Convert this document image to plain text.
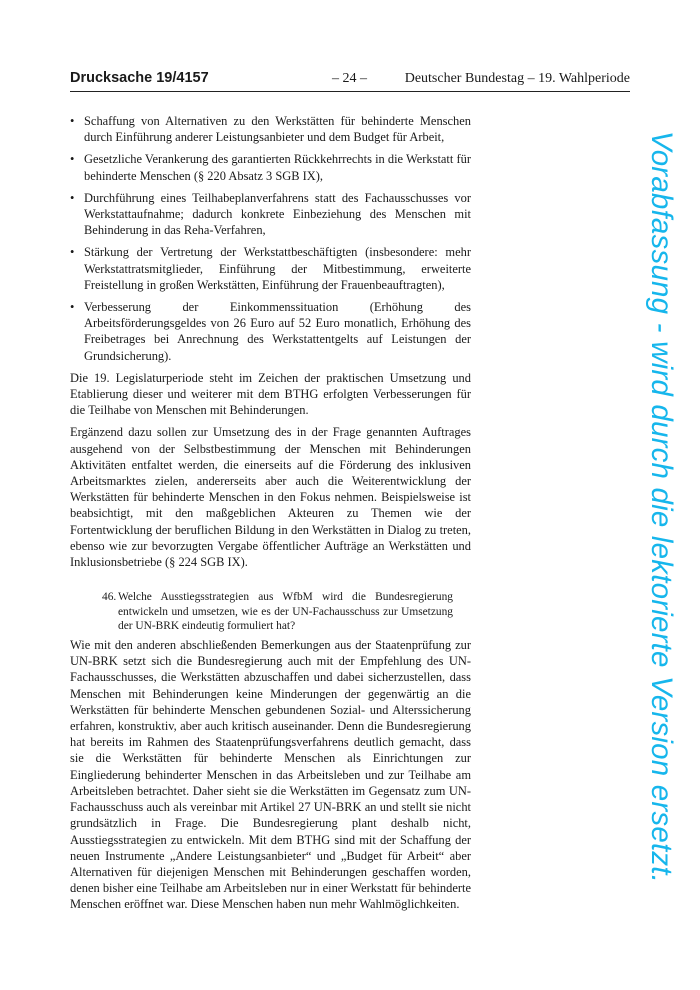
Drucksache 19/4157	– 24 –	Deutscher Bundestag – 19. Wahlperiode
• Schaffung von Alternativen zu den Werkstätten für behinderte Menschen durch Einführung anderer Leistungsanbieter und dem Budget für Arbeit,
• Gesetzliche Verankerung des garantierten Rückkehrrechts in die Werkstatt für behinderte Menschen (§ 220 Absatz 3 SGB IX),
• Durchführung eines Teilhabeplanverfahrens statt des Fachausschusses vor Werkstattaufnahme; dadurch konkrete Einbeziehung des Menschen mit Behinderung in das Reha-Verfahren,
• Stärkung der Vertretung der Werkstattbeschäftigten (insbesondere: mehr Werkstattratsmitglieder, Einführung der Mitbestimmung, erweiterte Freistellung in großen Werkstätten, Einführung der Frauenbeauftragten),
• Verbesserung der Einkommenssituation (Erhöhung des Arbeitsförderungsgeldes von 26 Euro auf 52 Euro monatlich, Erhöhung des Freibetrages bei Anrechnung des Werkstattentgelts auf Leistungen der Grundsicherung).

Die 19. Legislaturperiode steht im Zeichen der praktischen Umsetzung und Etablierung dieser und weiterer mit dem BTHG erfolgten Verbesserungen für die Teilhabe von Menschen mit Behinderungen.

Ergänzend dazu sollen zur Umsetzung des in der Frage genannten Auftrages ausgehend von der Selbstbestimmung der Menschen mit Behinderungen Aktivitäten entfaltet werden, die einerseits auf die Förderung des inklusiven Arbeitsmarktes zielen, andererseits aber auch die Weiterentwicklung der Werkstätten für behinderte Menschen in den Fokus nehmen. Beispielsweise ist beabsichtigt, mit den maßgeblichen Akteuren zu Themen wie der Fortentwicklung der beruflichen Bildung in den Werkstätten in Dialog zu treten, ebenso wie zur bevorzugten Vergabe öffentlicher Aufträge an Werkstätten und Inklusionsbetriebe (§ 224 SGB IX).

46. Welche Ausstiegsstrategien aus WfbM wird die Bundesregierung entwickeln und umsetzen, wie es der UN-Fachausschuss zur Umsetzung der UN-BRK eindeutig formuliert hat?

Wie mit den anderen abschließenden Bemerkungen aus der Staatenprüfung zur UN-BRK setzt sich die Bundesregierung auch mit der Empfehlung des UN-Fachausschusses, die Werkstätten abzuschaffen und dabei sicherzustellen, dass Menschen mit Behinderungen keine Minderungen der gegenwärtig an die Werkstätten für behinderte Menschen gebundenen Sozial- und Alterssicherung erfahren, konstruktiv, aber auch kritisch auseinander. Denn die Bundesregierung hat bereits im Rahmen des Staatenprüfungsverfahrens deutlich gemacht, dass sie die Werkstätten für behinderte Menschen als Einrichtungen zur Eingliederung behinderter Menschen in das Arbeitsleben und zur Teilhabe am Arbeitsleben betrachtet. Daher sieht sie die Werkstätten im Gegensatz zum UN-Fachausschuss auch als vereinbar mit Artikel 27 UN-BRK an und stellt sie nicht grundsätzlich in Frage. Die Bundesregierung plant deshalb nicht, Ausstiegsstrategien zu entwickeln. Mit dem BTHG sind mit der Schaffung der neuen Instrumente „Andere Leistungsanbieter“ und „Budget für Arbeit“ aber Alternativen für diejenigen Menschen mit Behinderungen geschaffen worden, denen bisher eine Teilhabe am Arbeitsleben nur in einer Werkstatt für behinderte Menschen eröffnet war. Diese Menschen haben nun mehr Wahlmöglichkeiten.

Vorabfassung - wird durch die lektorierte Version ersetzt.
